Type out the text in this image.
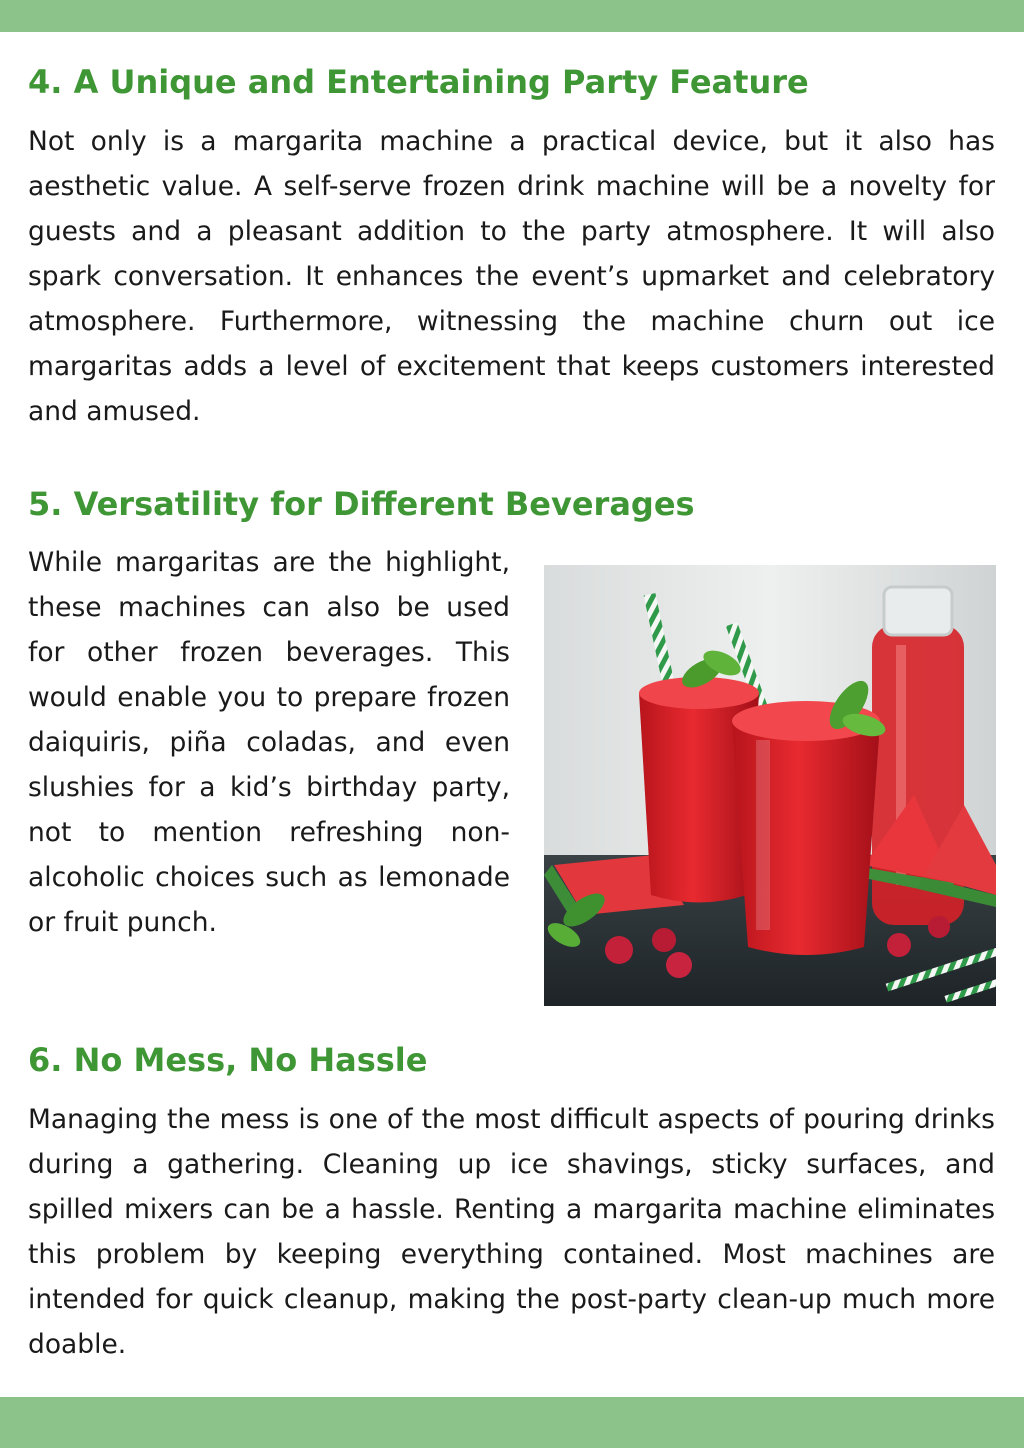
4. A Unique and Entertaining Party Feature

Not only is a margarita machine a practical device, but it also has aesthetic value. A self-serve frozen drink machine will be a novelty for guests and a pleasant addition to the party atmosphere. It will also spark conversation. It enhances the event’s upmarket and celebratory atmosphere. Furthermore, witnessing the machine churn out ice margaritas adds a level of excitement that keeps customers interested and amused.

5. Versatility for Different Beverages

While margaritas are the highlight, these machines can also be used for other frozen beverages. This would enable you to prepare frozen daiquiris, piña coladas, and even slushies for a kid’s birthday party, not to mention refreshing non-alcoholic choices such as lemonade or fruit punch.

6. No Mess, No Hassle

Managing the mess is one of the most difficult aspects of pouring drinks during a gathering. Cleaning up ice shavings, sticky surfaces, and spilled mixers can be a hassle. Renting a margarita machine eliminates this problem by keeping everything contained. Most machines are intended for quick cleanup, making the post-party clean-up much more doable.
